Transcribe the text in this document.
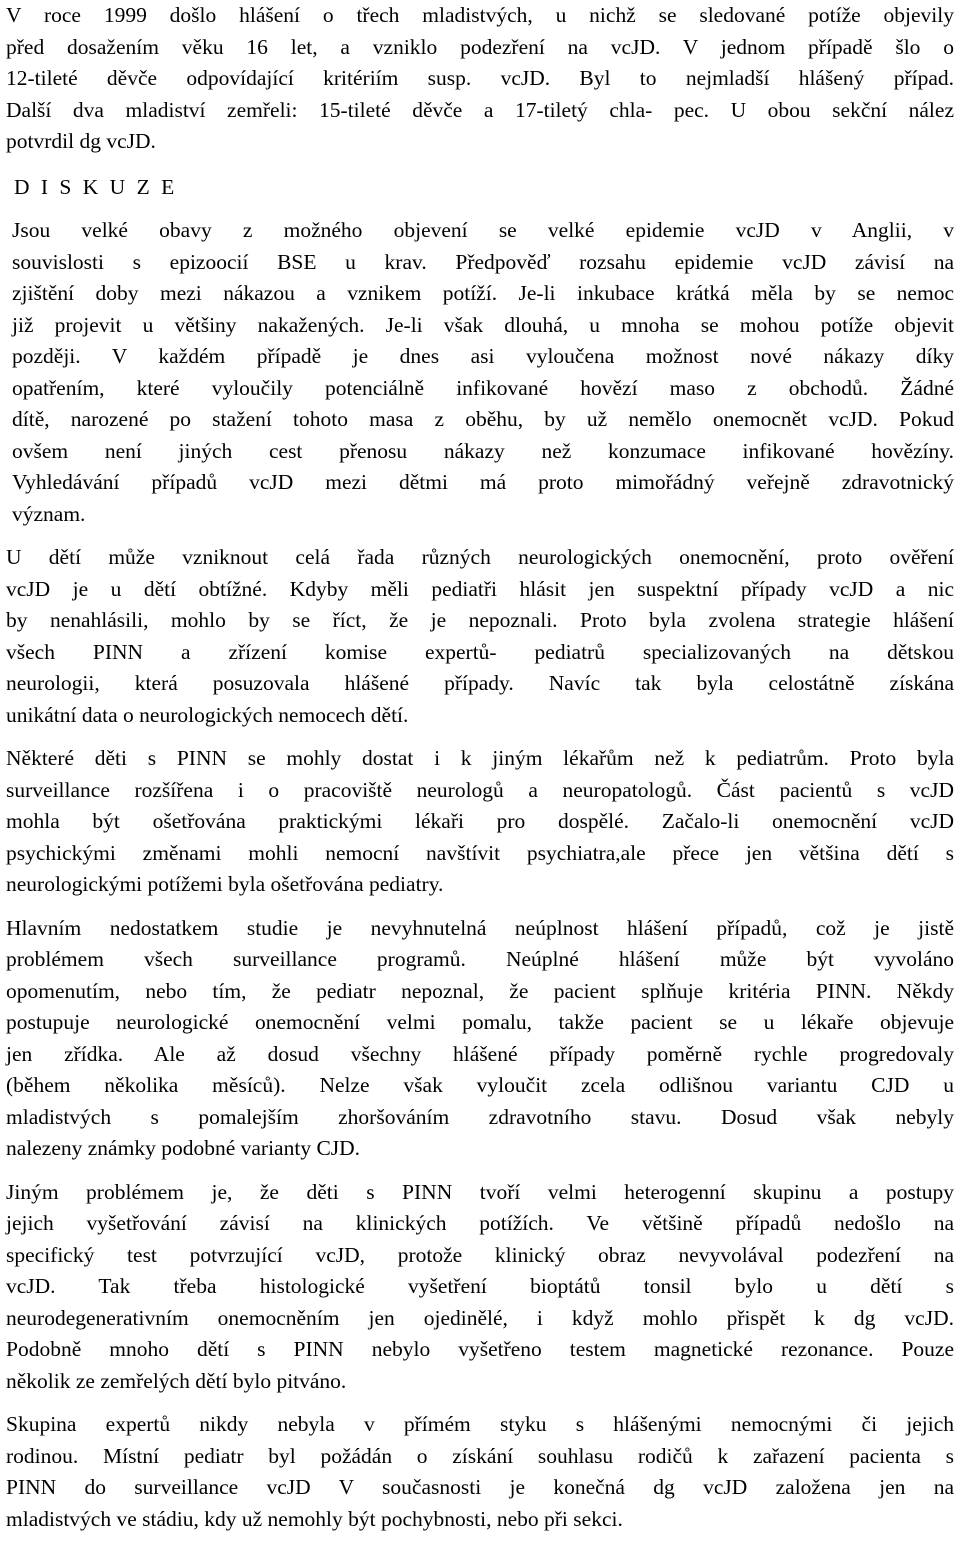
V roce 1999 došlo hlášení o třech mladistvých, u nichž se sledované potíže objevily
před dosažením věku 16 let, a vzniklo podezření na vcJD. V jednom případě šlo o
12-tileté děvče odpovídající kritériím susp. vcJD. Byl to nejmladší hlášený případ.
Další dva mladiství zemřeli: 15-tileté děvče a 17-tiletý chla- pec. U obou sekční nález
potvrdil dg vcJD.

D I S K U Z E

Jsou velké obavy z možného objevení se velké epidemie vcJD v Anglii, v
souvislosti s epizoocií BSE u krav. Předpověď rozsahu epidemie vcJD závisí na
zjištění doby mezi nákazou a vznikem potíží. Je-li inkubace krátká měla by se nemoc
již projevit u většiny nakažených. Je-li však dlouhá, u mnoha se mohou potíže objevit
později. V každém případě je dnes asi vyloučena možnost nové nákazy díky
opatřením, které vyloučily potenciálně infikované hovězí maso z obchodů. Žádné
dítě, narozené po stažení tohoto masa z oběhu, by už nemělo onemocnět vcJD. Pokud
ovšem není jiných cest přenosu nákazy než konzumace infikované hovězíny.
Vyhledávání případů vcJD mezi dětmi má proto mimořádný veřejně zdravotnický
význam.

U dětí může vzniknout celá řada různých neurologických onemocnění, proto ověření
vcJD je u dětí obtížné. Kdyby měli pediatři hlásit jen suspektní případy vcJD a nic
by nenahlásili, mohlo by se říct, že je nepoznali. Proto byla zvolena strategie hlášení
všech PINN a zřízení komise expertů- pediatrů specializovaných na dětskou
neurologii, která posuzovala hlášené případy. Navíc tak byla celostátně získána
unikátní data o neurologických nemocech dětí.

Některé děti s PINN se mohly dostat i k jiným lékařům než k pediatrům. Proto byla
surveillance rozšířena i o pracoviště neurologů a neuropatologů. Část pacientů s vcJD
mohla být ošetřována praktickými lékaři pro dospělé. Začalo-li onemocnění vcJD
psychickými změnami mohli nemocní navštívit psychiatra,ale přece jen většina dětí s
neurologickými potížemi byla ošetřována pediatry.

Hlavním nedostatkem studie je nevyhnutelná neúplnost hlášení případů, což je jistě
problémem všech surveillance programů. Neúplné hlášení může být vyvoláno
opomenutím, nebo tím, že pediatr nepoznal, že pacient splňuje kritéria PINN. Někdy
postupuje neurologické onemocnění velmi pomalu, takže pacient se u lékaře objevuje
jen zřídka. Ale až dosud všechny hlášené případy poměrně rychle progredovaly
(během několika měsíců). Nelze však vyloučit zcela odlišnou variantu CJD u
mladistvých s pomalejším zhoršováním zdravotního stavu. Dosud však nebyly
nalezeny známky podobné varianty CJD.

Jiným problémem je, že děti s PINN tvoří velmi heterogenní skupinu a postupy
jejich vyšetřování závisí na klinických potížích. Ve většině případů nedošlo na
specifický test potvrzující vcJD, protože klinický obraz nevyvolával podezření na
vcJD. Tak třeba histologické vyšetření bioptátů tonsil bylo u dětí s
neurodegenerativním onemocněním jen ojedinělé, i když mohlo přispět k dg vcJD.
Podobně mnoho dětí s PINN nebylo vyšetřeno testem magnetické rezonance. Pouze
několik ze zemřelých dětí bylo pitváno.

Skupina expertů nikdy nebyla v přímém styku s hlášenými nemocnými či jejich
rodinou. Místní pediatr byl požádán o získání souhlasu rodičů k zařazení pacienta s
PINN do surveillance vcJD V současnosti je konečná dg vcJD založena jen na
mladistvých ve stádiu, kdy už nemohly být pochybnosti, nebo při sekci.
